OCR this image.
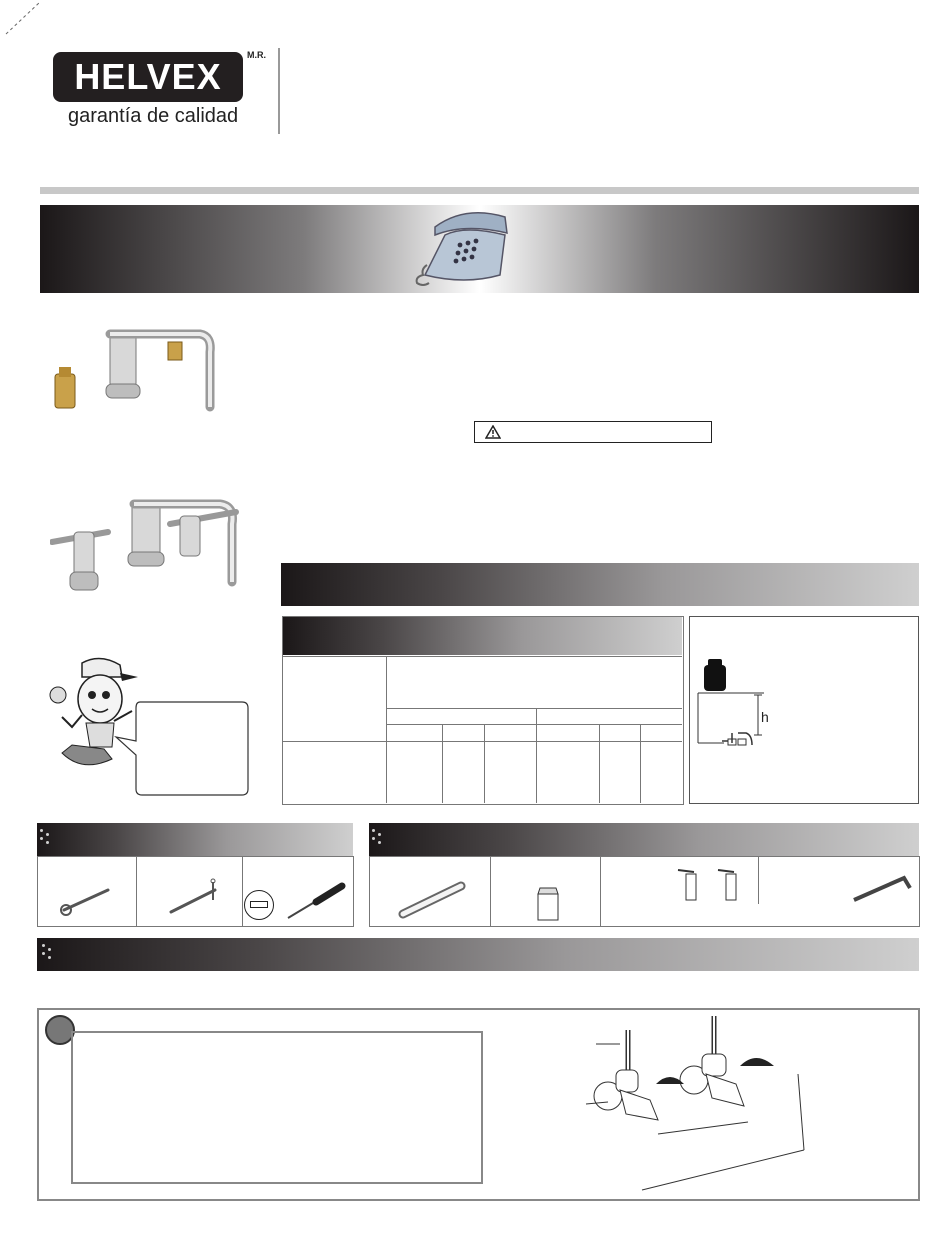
HELVEX
M.R.
garantía de calidad
h
